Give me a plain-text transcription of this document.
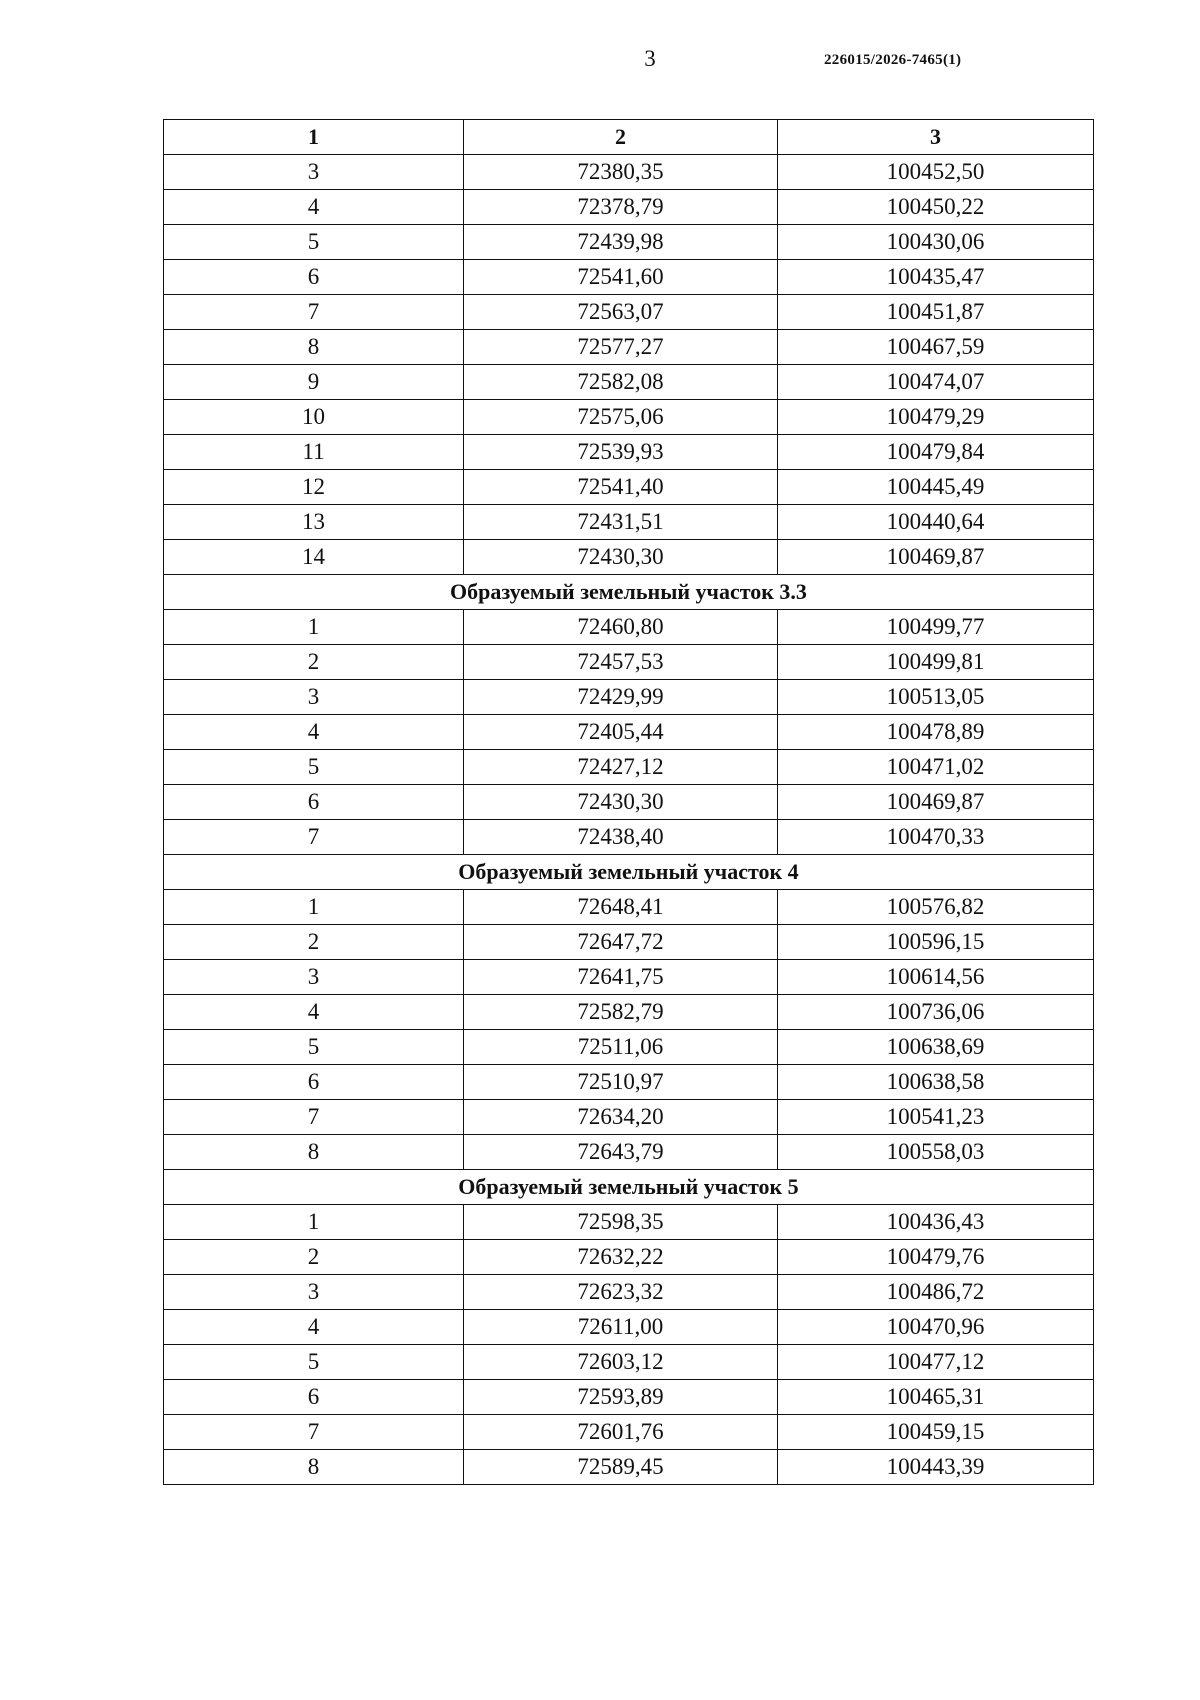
3	226015/2026-7465(1)
1	2	3
3	72380,35	100452,50
4	72378,79	100450,22
5	72439,98	100430,06
6	72541,60	100435,47
7	72563,07	100451,87
8	72577,27	100467,59
9	72582,08	100474,07
10	72575,06	100479,29
11	72539,93	100479,84
12	72541,40	100445,49
13	72431,51	100440,64
14	72430,30	100469,87
Образуемый земельный участок 3.3		
1	72460,80	100499,77
2	72457,53	100499,81
3	72429,99	100513,05
4	72405,44	100478,89
5	72427,12	100471,02
6	72430,30	100469,87
7	72438,40	100470,33
Образуемый земельный участок 4		
1	72648,41	100576,82
2	72647,72	100596,15
3	72641,75	100614,56
4	72582,79	100736,06
5	72511,06	100638,69
6	72510,97	100638,58
7	72634,20	100541,23
8	72643,79	100558,03
Образуемый земельный участок 5		
1	72598,35	100436,43
2	72632,22	100479,76
3	72623,32	100486,72
4	72611,00	100470,96
5	72603,12	100477,12
6	72593,89	100465,31
7	72601,76	100459,15
8	72589,45	100443,39
